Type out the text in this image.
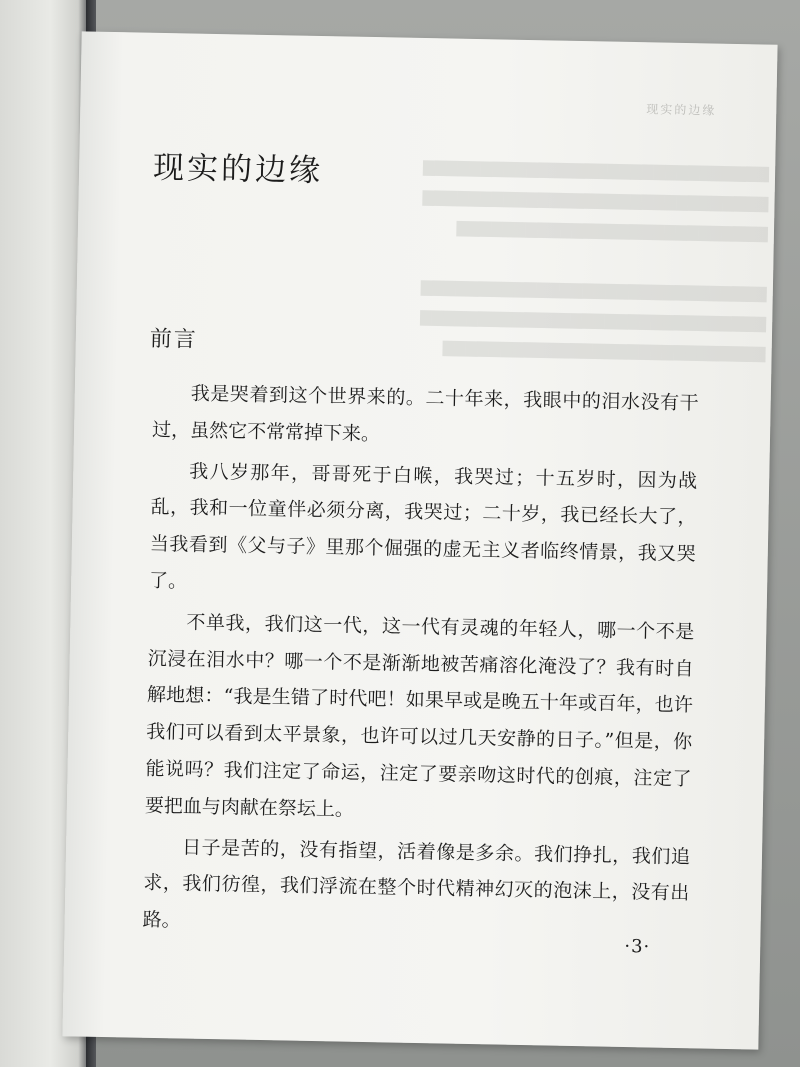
▇▇▇▇▇▇▇▇▇▇▇▇▇▇▇▇▇▇▇▇▇▇▇▇▇▇▇▇▇▇
▇▇▇▇▇▇▇▇▇▇▇▇▇▇▇▇▇▇▇▇▇▇▇▇▇▇▇▇▇▇
▇▇▇▇▇▇▇▇▇▇▇▇▇▇▇▇▇▇▇▇▇▇▇▇▇▇▇
▇▇▇▇▇▇▇▇▇▇▇▇▇▇▇▇▇▇▇▇▇▇▇▇▇▇▇▇▇▇
▇▇▇▇▇▇▇▇▇▇▇▇▇▇▇▇▇▇▇▇▇▇▇▇▇▇▇▇▇▇
▇▇▇▇▇▇▇▇▇▇▇▇▇▇▇▇▇▇▇▇▇▇▇▇▇▇▇▇
现实的边缘
现实的边缘
前言

我是哭着到这个世界来的。二十年来，我眼中的泪水没有干过，虽然它不常常掉下来。

我八岁那年，哥哥死于白喉，我哭过；十五岁时，因为战乱，我和一位童伴必须分离，我哭过；二十岁，我已经长大了，当我看到《父与子》里那个倔强的虚无主义者临终情景，我又哭了。

不单我，我们这一代，这一代有灵魂的年轻人，哪一个不是沉浸在泪水中？哪一个不是渐渐地被苦痛溶化淹没了？我有时自解地想：“我是生错了时代吧！如果早或是晚五十年或百年，也许我们可以看到太平景象，也许可以过几天安静的日子。”但是，你能说吗？我们注定了命运，注定了要亲吻这时代的创痕，注定了要把血与肉献在祭坛上。

日子是苦的，没有指望，活着像是多余。我们挣扎，我们追求，我们彷徨，我们浮流在整个时代精神幻灭的泡沫上，没有出路。

·3·
